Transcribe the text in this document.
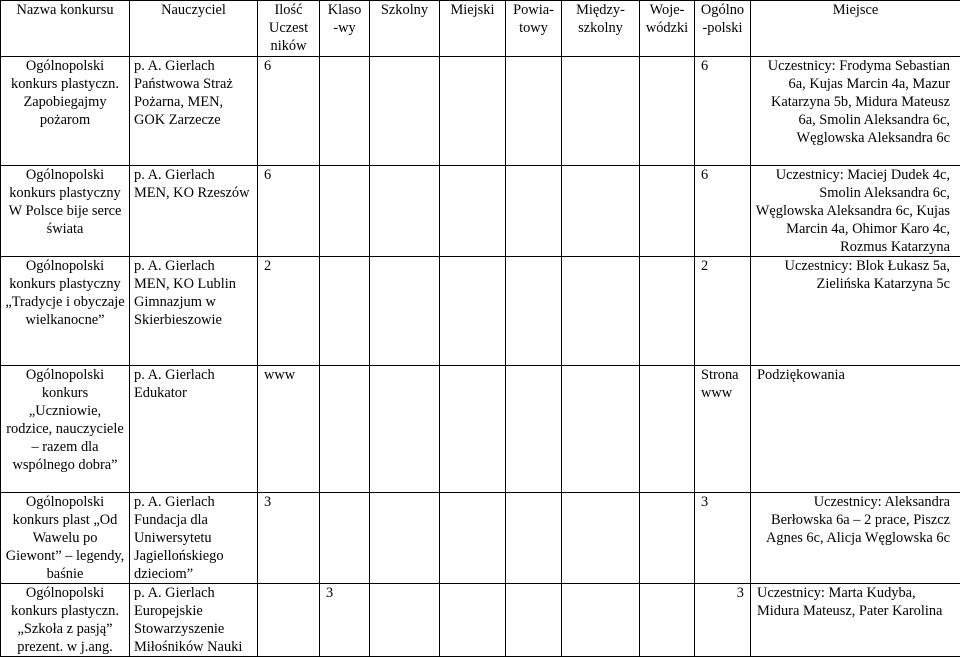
Nazwa konkursu	Nauczyciel	Ilość Uczest ników	Klaso -wy	Szkolny	Miejski	Powia- towy	Między- szkolny	Woje- wódzki	Ogólno -polski	Miejsce
Ogólnopolski konkurs plastyczn. Zapobiegajmy pożarom	p. A. Gierlach Państwowa Straż Pożarna, MEN, GOK Zarzecze	6							6	Uczestnicy: Frodyma Sebastian 6a, Kujas Marcin 4a, Mazur Katarzyna 5b, Midura Mateusz 6a, Smolin Aleksandra 6c, Węglowska Aleksandra 6c
Ogólnopolski konkurs plastyczny W Polsce bije serce świata	p. A. Gierlach MEN, KO Rzeszów	6							6	Uczestnicy: Maciej Dudek 4c, Smolin Aleksandra 6c, Węglowska Aleksandra 6c, Kujas Marcin 4a, Ohimor Karo 4c, Rozmus Katarzyna
Ogólnopolski konkurs plastyczny „Tradycje i obyczaje wielkanocne”	p. A. Gierlach MEN, KO Lublin Gimnazjum w Skierbieszowie	2							2	Uczestnicy: Blok Łukasz 5a, Zielińska Katarzyna 5c
Ogólnopolski konkurs „Uczniowie, rodzice, nauczyciele – razem dla wspólnego dobra”	p. A. Gierlach Edukator	www							Strona www	Podziękowania
Ogólnopolski konkurs plast „Od Wawelu po Giewont” – legendy, baśnie	p. A. Gierlach Fundacja dla Uniwersytetu Jagiellońskiego dzieciom”	3							3	Uczestnicy: Aleksandra Berłowska 6a – 2 prace, Piszcz Agnes 6c, Alicja Węglowska 6c
Ogólnopolski konkurs plastyczn. „Szkoła z pasją” prezent. w j.ang.	p. A. Gierlach Europejskie Stowarzyszenie Miłośników Nauki		3						3	Uczestnicy: Marta Kudyba, Midura Mateusz, Pater Karolina
